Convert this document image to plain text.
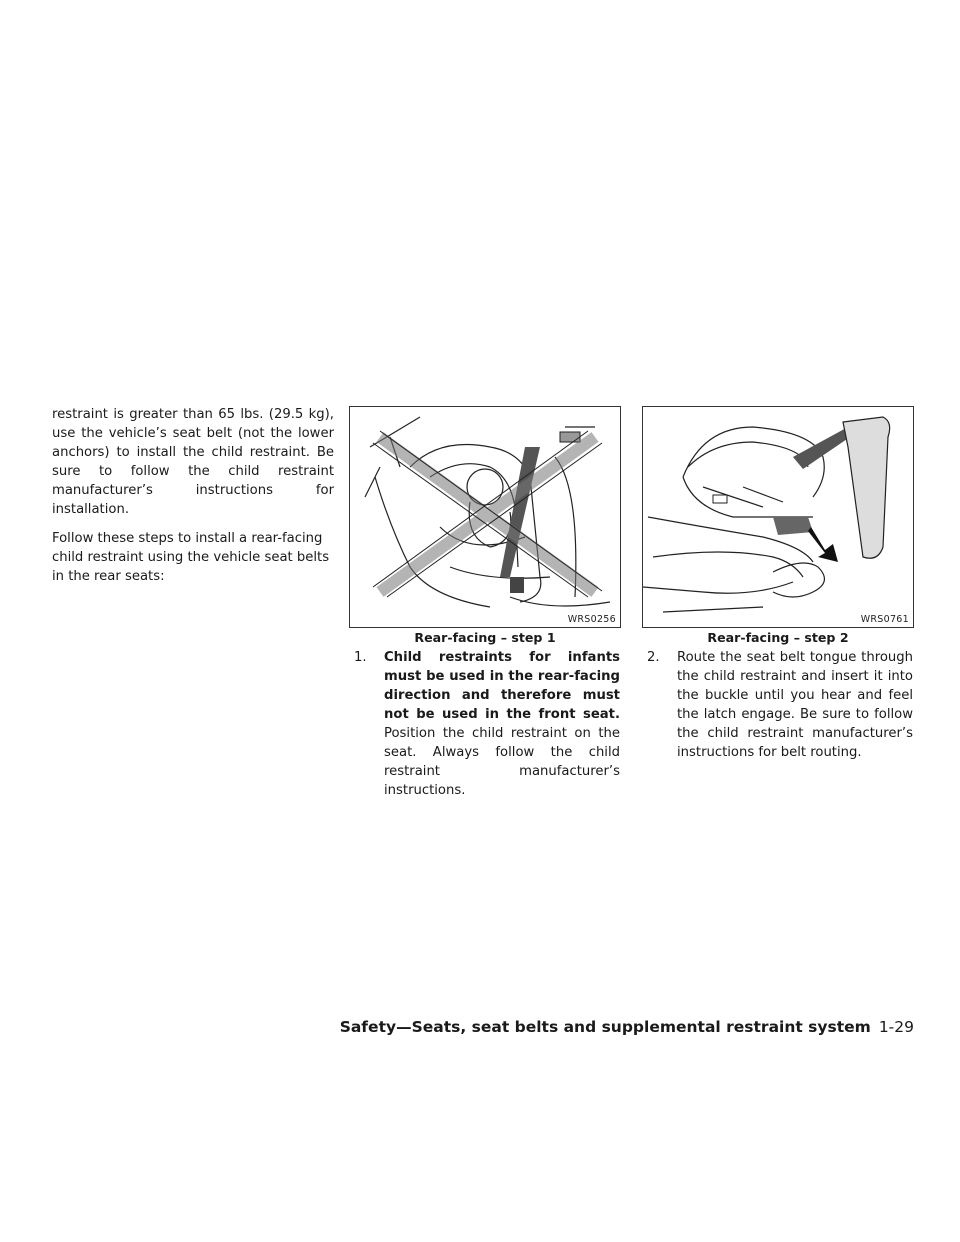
restraint is greater than 65 lbs. (29.5 kg), use the vehicle’s seat belt (not the lower anchors) to install the child restraint. Be sure to follow the child restraint manufacturer’s instructions for installation.

Follow these steps to install a rear-facing child restraint using the vehicle seat belts in the rear seats:

WRS0256	WRS0761
Rear-facing – step 1	Rear-facing – step 2
1. Child restraints for infants must be used in the rear-facing direction and therefore must not be used in the front seat. Position the child restraint on the seat. Always follow the child restraint manufacturer’s instructions.
2. Route the seat belt tongue through the child restraint and insert it into the buckle until you hear and feel the latch engage. Be sure to follow the child restraint manufacturer’s instructions for belt routing.
Safety—Seats, seat belts and supplemental restraint system 1-29
